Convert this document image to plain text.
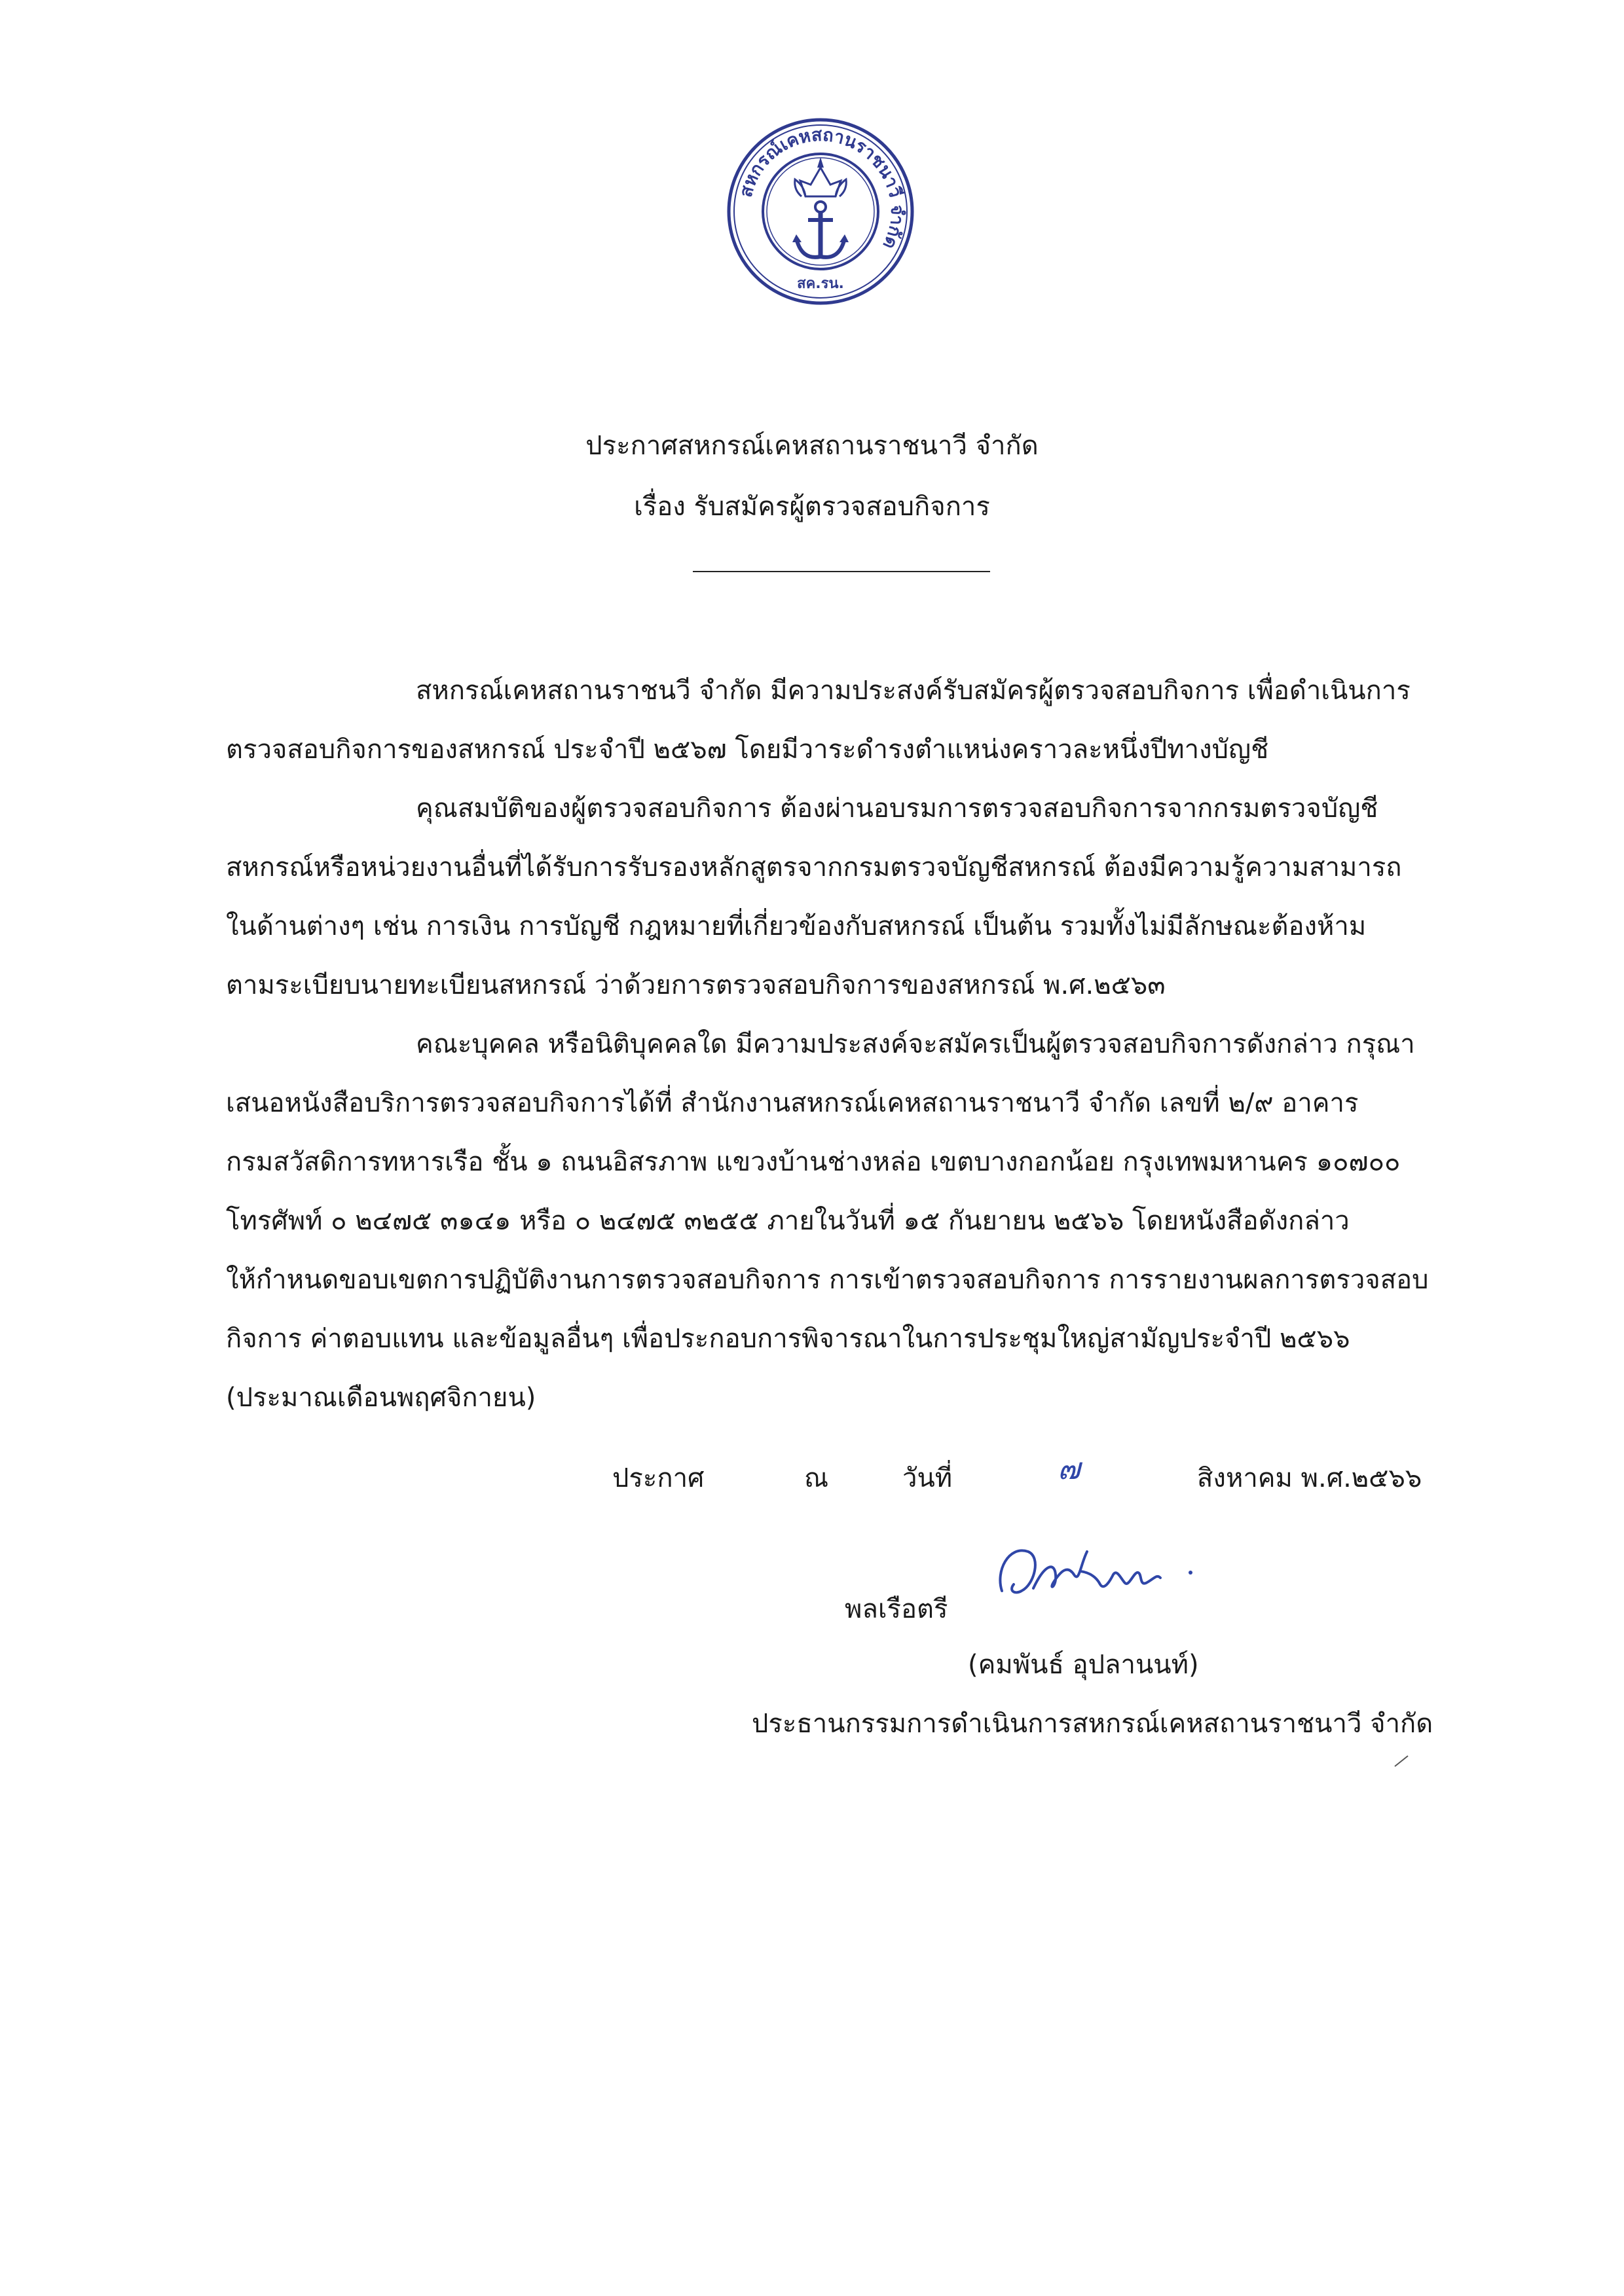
สหกรณ์เคหสถานราชนาวี จำกัด
สค.รน.
ประกาศสหกรณ์เคหสถานราชนาวี จำกัด
เรื่อง รับสมัครผู้ตรวจสอบกิจการ
สหกรณ์เคหสถานราชนวี จำกัด มีความประสงค์รับสมัครผู้ตรวจสอบกิจการ เพื่อดำเนินการ
ตรวจสอบกิจการของสหกรณ์ ประจำปี ๒๕๖๗ โดยมีวาระดำรงตำแหน่งคราวละหนึ่งปีทางบัญชี
คุณสมบัติของผู้ตรวจสอบกิจการ ต้องผ่านอบรมการตรวจสอบกิจการจากกรมตรวจบัญชี
สหกรณ์หรือหน่วยงานอื่นที่ได้รับการรับรองหลักสูตรจากกรมตรวจบัญชีสหกรณ์ ต้องมีความรู้ความสามารถ
ในด้านต่างๆ เช่น การเงิน การบัญชี กฎหมายที่เกี่ยวข้องกับสหกรณ์ เป็นต้น รวมทั้งไม่มีลักษณะต้องห้าม
ตามระเบียบนายทะเบียนสหกรณ์ ว่าด้วยการตรวจสอบกิจการของสหกรณ์ พ.ศ.๒๕๖๓
คณะบุคคล หรือนิติบุคคลใด มีความประสงค์จะสมัครเป็นผู้ตรวจสอบกิจการดังกล่าว กรุณา
เสนอหนังสือบริการตรวจสอบกิจการได้ที่ สำนักงานสหกรณ์เคหสถานราชนาวี จำกัด เลขที่ ๒/๙ อาคาร
กรมสวัสดิการทหารเรือ ชั้น ๑ ถนนอิสรภาพ แขวงบ้านช่างหล่อ เขตบางกอกน้อย กรุงเทพมหานคร ๑๐๗๐๐
โทรศัพท์ ๐ ๒๔๗๕ ๓๑๔๑ หรือ ๐ ๒๔๗๕ ๓๒๕๕ ภายในวันที่ ๑๕ กันยายน ๒๕๖๖ โดยหนังสือดังกล่าว
ให้กำหนดขอบเขตการปฏิบัติงานการตรวจสอบกิจการ การเข้าตรวจสอบกิจการ การรายงานผลการตรวจสอบ
กิจการ ค่าตอบแทน และข้อมูลอื่นๆ เพื่อประกอบการพิจารณาในการประชุมใหญ่สามัญประจำปี ๒๕๖๖
(ประมาณเดือนพฤศจิกายน)
ประกาศ	ณ	วันที่	๗	สิงหาคม พ.ศ.๒๕๖๖
พลเรือตรี
(คมพันธ์ อุปลานนท์)
ประธานกรรมการดำเนินการสหกรณ์เคหสถานราชนาวี จำกัด
